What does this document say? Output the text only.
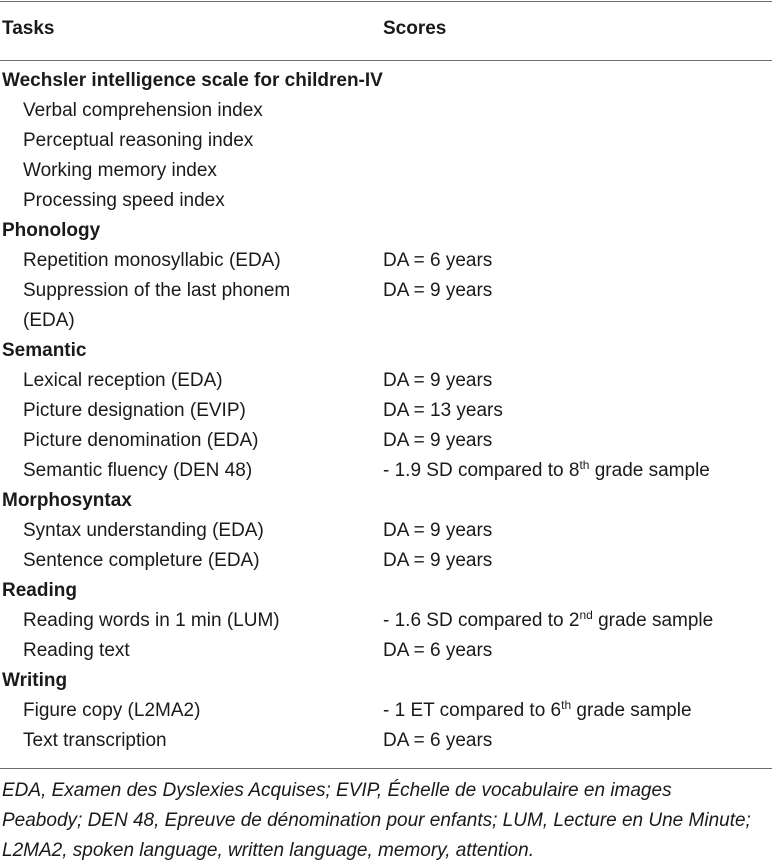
Tasks	Scores
Wechsler intelligence scale for children-IV
Verbal comprehension index
Perceptual reasoning index
Working memory index
Processing speed index
Phonology
Repetition monosyllabic (EDA)	DA = 6 years
Suppression of the last phonem	DA = 9 years
(EDA)
Semantic
Lexical reception (EDA)	DA = 9 years
Picture designation (EVIP)	DA = 13 years
Picture denomination (EDA)	DA = 9 years
Semantic fluency (DEN 48)	- 1.9 SD compared to 8th grade sample
Morphosyntax
Syntax understanding (EDA)	DA = 9 years
Sentence completure (EDA)	DA = 9 years
Reading
Reading words in 1 min (LUM)	- 1.6 SD compared to 2nd grade sample
Reading text	DA = 6 years
Writing
Figure copy (L2MA2)	- 1 ET compared to 6th grade sample
Text transcription	DA = 6 years
EDA, Examen des Dyslexies Acquises; EVIP, Échelle de vocabulaire en images Peabody; DEN 48, Epreuve de dénomination pour enfants; LUM, Lecture en Une Minute; L2MA2, spoken language, written language, memory, attention.
